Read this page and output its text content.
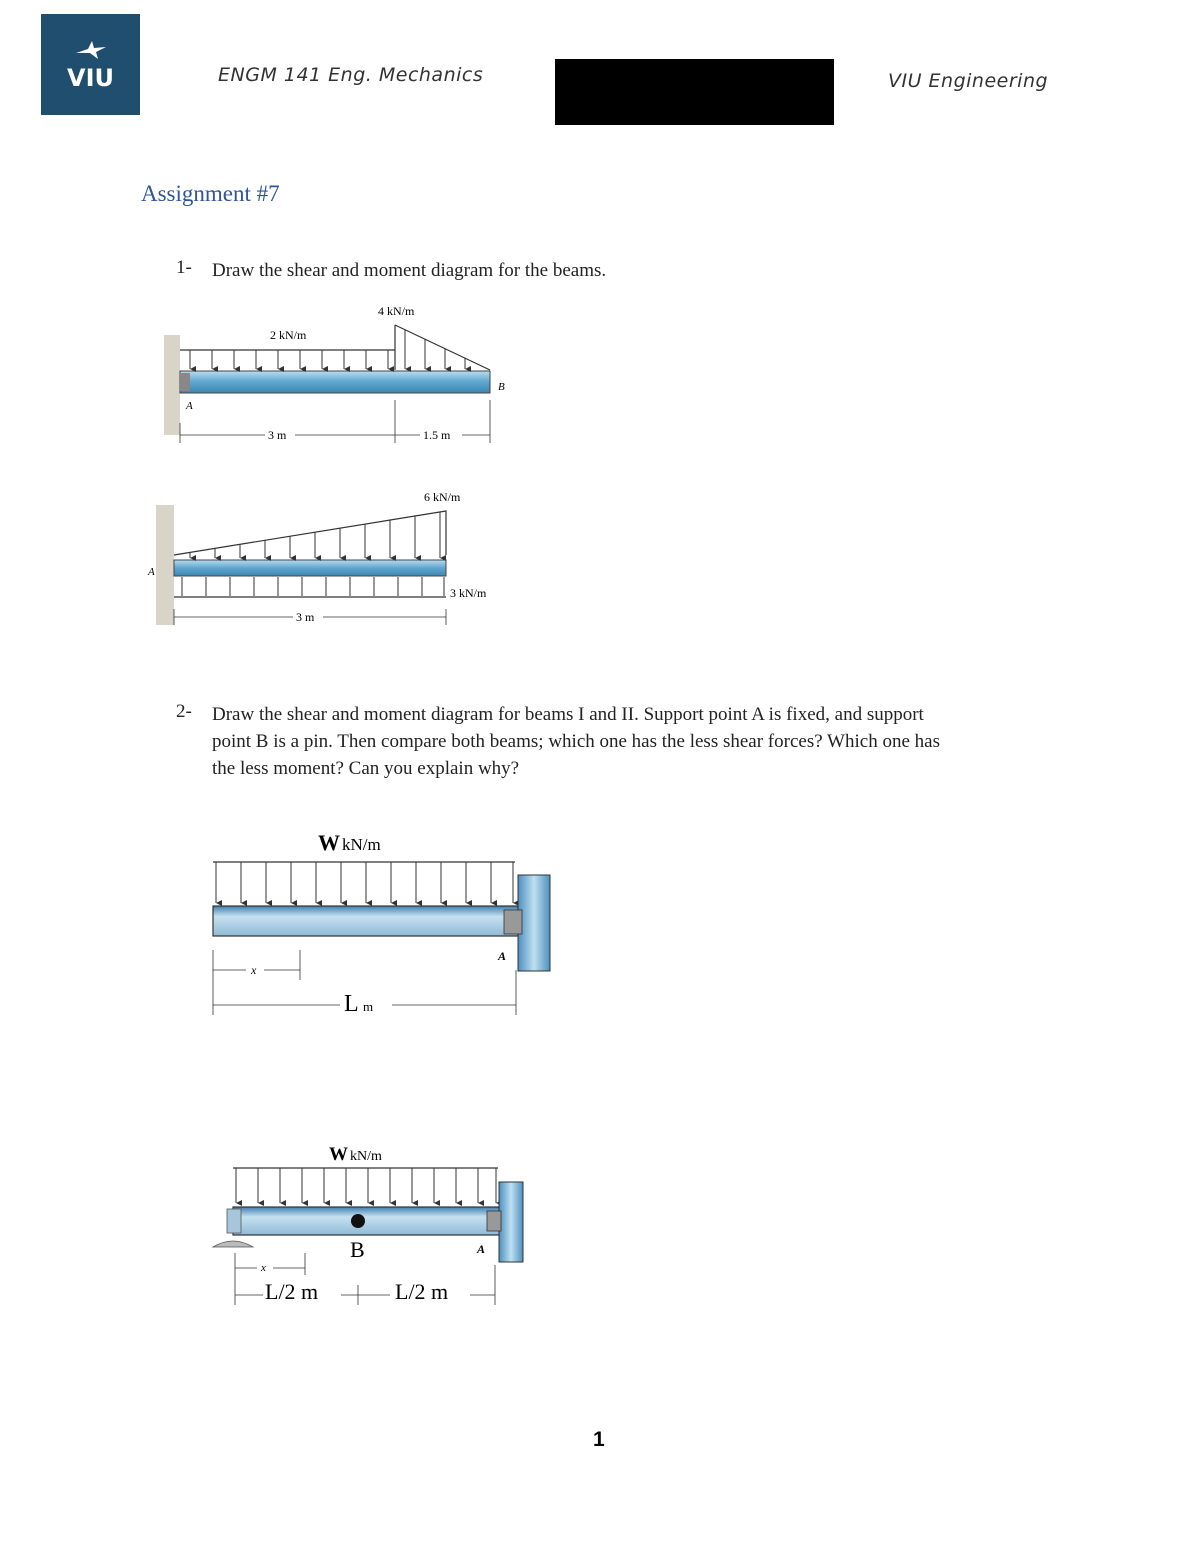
VIU	ENGM 141 Eng. Mechanics	VIU Engineering
Assignment #7
1- Draw the shear and moment diagram for the beams.
2 kN/m
4 kN/m
A
B
3 m	1.5 m
6 kN/m
3 kN/m
A
3 m
2- Draw the shear and moment diagram for beams I and II. Support point A is fixed, and support
point B is a pin. Then compare both beams; which one has the less shear forces? Which one has
the less moment? Can you explain why?
W kN/m
A
x
L m
W kN/m
B	A
x
L/2 m	L/2 m
1
